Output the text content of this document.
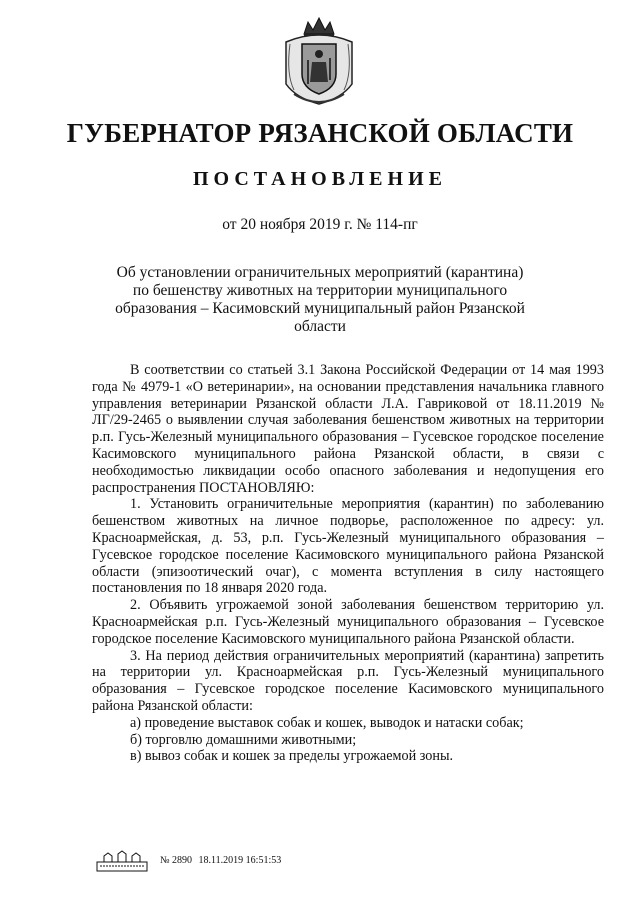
ГУБЕРНАТОР РЯЗАНСКОЙ ОБЛАСТИ
ПОСТАНОВЛЕНИЕ
от 20 ноября 2019 г. № 114-пг
Об установлении ограничительных мероприятий (карантина)
по бешенству животных на территории муниципального
образования – Касимовский муниципальный район Рязанской области

В соответствии со статьей 3.1 Закона Российской Федерации от 14 мая 1993 года № 4979-1 «О ветеринарии», на основании представления начальника главного управления ветеринарии Рязанской области Л.А. Гавриковой от 18.11.2019 № ЛГ/29-2465 о выявлении случая заболевания бешенством животных на территории р.п. Гусь-Железный муниципального образования – Гусевское городское поселение Касимовского муниципального района Рязанской области, в связи с необходимостью ликвидации особо опасного заболевания и недопущения его распространения ПОСТАНОВЛЯЮ:

1. Установить ограничительные мероприятия (карантин) по заболеванию бешенством животных на личное подворье, расположенное по адресу: ул. Красноармейская, д. 53, р.п. Гусь-Железный муниципального образования – Гусевское городское поселение Касимовского муниципального района Рязанской области (эпизоотический очаг), с момента вступления в силу настоящего постановления по 18 января 2020 года.

2. Объявить угрожаемой зоной заболевания бешенством территорию ул. Красноармейская р.п. Гусь-Железный муниципального образования – Гусевское городское поселение Касимовского муниципального района Рязанской области.

3. На период действия ограничительных мероприятий (карантина) запретить на территории ул. Красноармейская р.п. Гусь-Железный муниципального образования – Гусевское городское поселение Касимовского муниципального района Рязанской области:

а) проведение выставок собак и кошек, выводок и натаски собак;

б) торговлю домашними животными;

в) вывоз собак и кошек за пределы угрожаемой зоны.

№ 2890 18.11.2019 16:51:53
